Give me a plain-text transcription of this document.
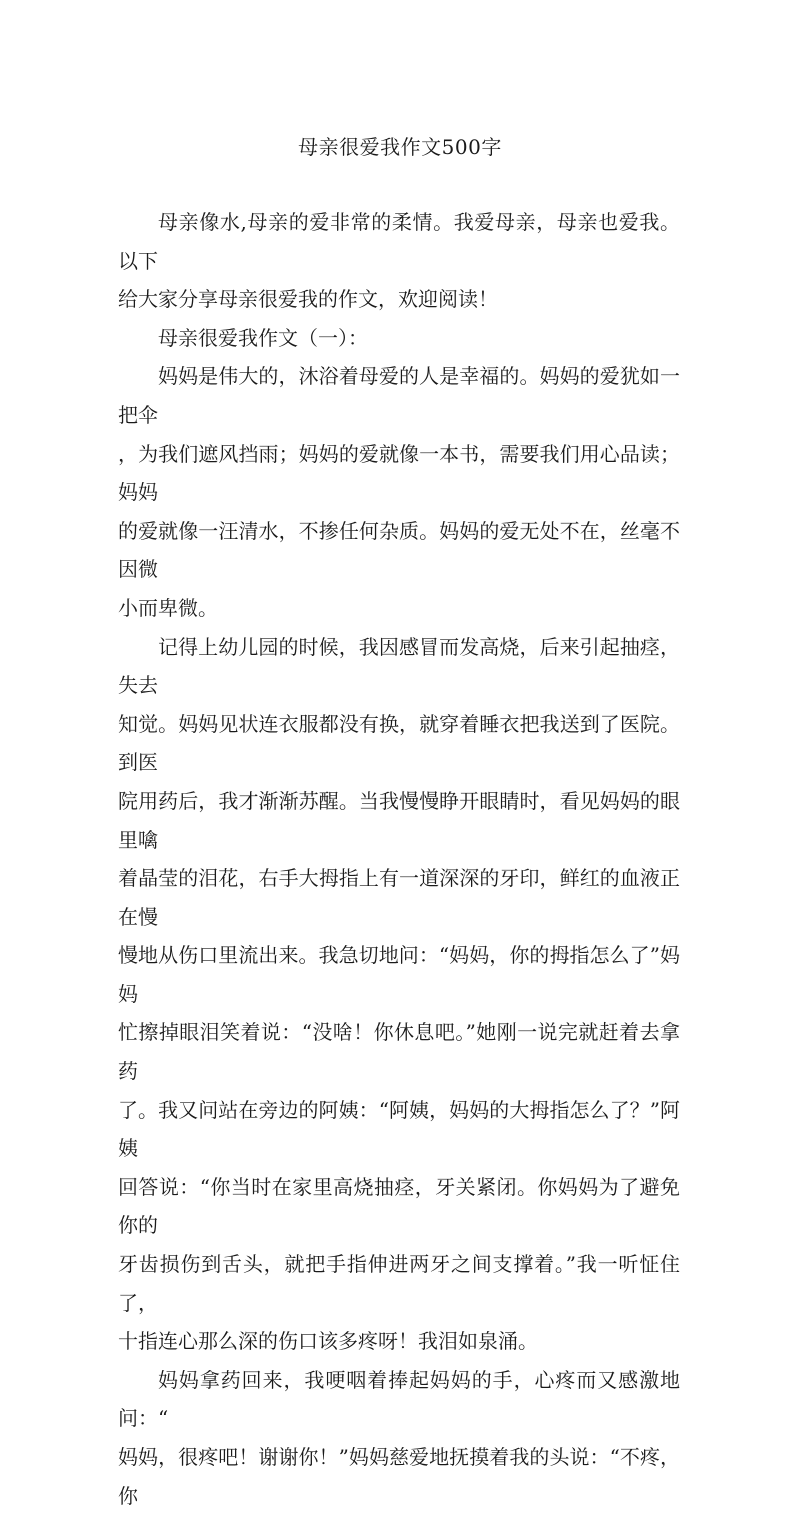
母亲很爱我作文500字

母亲像水,母亲的爱非常的柔情。我爱母亲，母亲也爱我。以下
给大家分享母亲很爱我的作文，欢迎阅读！

母亲很爱我作文（一）：

妈妈是伟大的，沐浴着母爱的人是幸福的。妈妈的爱犹如一把伞
，为我们遮风挡雨；妈妈的爱就像一本书，需要我们用心品读；妈妈
的爱就像一汪清水，不掺任何杂质。妈妈的爱无处不在，丝毫不因微
小而卑微。

记得上幼儿园的时候，我因感冒而发高烧，后来引起抽痉，失去
知觉。妈妈见状连衣服都没有换，就穿着睡衣把我送到了医院。到医
院用药后，我才渐渐苏醒。当我慢慢睁开眼睛时，看见妈妈的眼里噙
着晶莹的泪花，右手大拇指上有一道深深的牙印，鲜红的血液正在慢
慢地从伤口里流出来。我急切地问：“妈妈，你的拇指怎么了”妈妈
忙擦掉眼泪笑着说：“没啥！你休息吧。”她刚一说完就赶着去拿药
了。我又问站在旁边的阿姨：“阿姨，妈妈的大拇指怎么了？”阿姨
回答说：“你当时在家里高烧抽痉，牙关紧闭。你妈妈为了避免你的
牙齿损伤到舌头，就把手指伸进两牙之间支撑着。”我一听怔住了，
十指连心那么深的伤口该多疼呀！我泪如泉涌。

妈妈拿药回来，我哽咽着捧起妈妈的手，心疼而又感激地问：“
妈妈，很疼吧！谢谢你！”妈妈慈爱地抚摸着我的头说：“不疼，你
